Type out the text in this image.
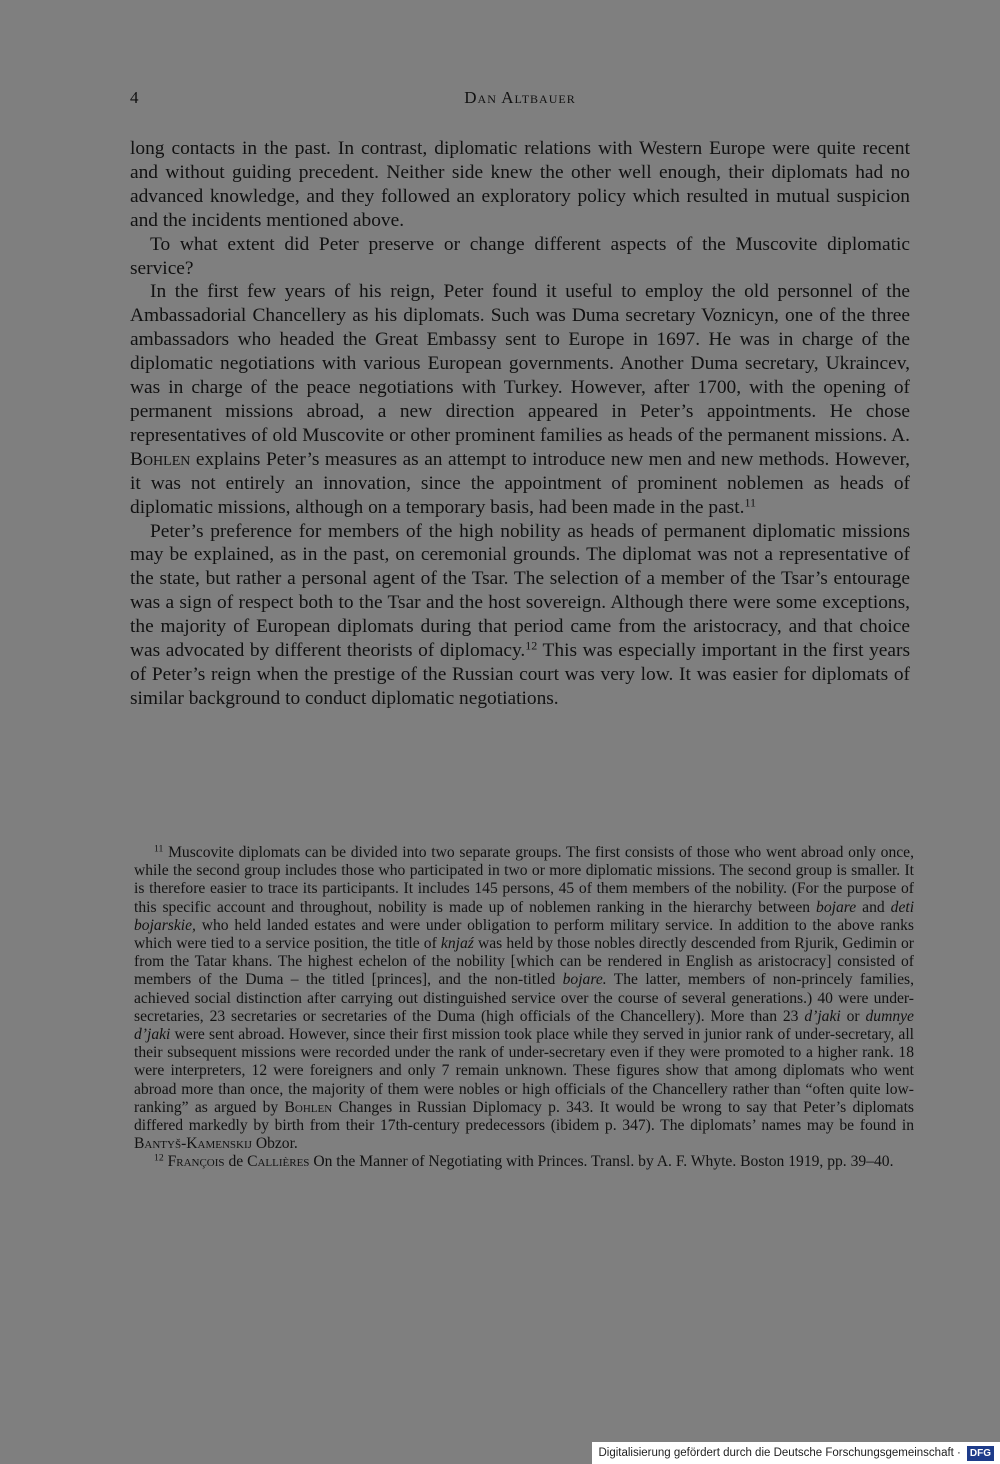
4	Dan Altbauer

long contacts in the past. In contrast, diplomatic relations with Western Europe were quite recent and without guiding precedent. Neither side knew the other well enough, their diplomats had no advanced knowledge, and they followed an exploratory policy which resulted in mutual suspicion and the incidents mentioned above.

To what extent did Peter preserve or change different aspects of the Muscovite diplomatic service?

In the first few years of his reign, Peter found it useful to employ the old personnel of the Ambassadorial Chancellery as his diplomats. Such was Duma secretary Voznicyn, one of the three ambassadors who headed the Great Embassy sent to Europe in 1697. He was in charge of the diplomatic negotiations with various European governments. Another Duma secretary, Ukraincev, was in charge of the peace negotiations with Turkey. However, after 1700, with the opening of permanent missions abroad, a new direction appeared in Peter’s appointments. He chose representatives of old Muscovite or other prominent families as heads of the permanent missions. A. Bohlen explains Peter’s measures as an attempt to introduce new men and new methods. However, it was not entirely an innovation, since the appointment of prominent noblemen as heads of diplomatic missions, although on a temporary basis, had been made in the past.$^{11}$

Peter’s preference for members of the high nobility as heads of permanent diplomatic missions may be explained, as in the past, on ceremonial grounds. The diplomat was not a representative of the state, but rather a personal agent of the Tsar. The selection of a member of the Tsar’s entourage was a sign of respect both to the Tsar and the host sovereign. Although there were some exceptions, the majority of European diplomats during that period came from the aristocracy, and that choice was advocated by different theorists of diplomacy.$^{12}$ This was especially important in the first years of Peter’s reign when the prestige of the Russian court was very low. It was easier for diplomats of similar background to conduct diplomatic negotiations.

$^{11}$ Muscovite diplomats can be divided into two separate groups. The first consists of those who went abroad only once, while the second group includes those who participated in two or more diplomatic missions. The second group is smaller. It is therefore easier to trace its participants. It includes 145 persons, 45 of them members of the nobility. (For the purpose of this specific account and throughout, nobility is made up of noblemen ranking in the hierarchy between bojare and deti bojarskie, who held landed estates and were under obligation to perform military service. In addition to the above ranks which were tied to a service position, the title of knjaź was held by those nobles directly descended from Rjurik, Gedimin or from the Tatar khans. The highest echelon of the nobility [which can be rendered in English as aristocracy] consisted of members of the Duma – the titled [princes], and the non-titled bojare. The latter, members of non-princely families, achieved social distinction after carrying out distinguished service over the course of several generations.) 40 were under-secretaries, 23 secretaries or secretaries of the Duma (high officials of the Chancellery). More than 23 d’jaki or dumnye d’jaki were sent abroad. However, since their first mission took place while they served in junior rank of under-secretary, all their subsequent missions were recorded under the rank of under-secretary even if they were promoted to a higher rank. 18 were interpreters, 12 were foreigners and only 7 remain unknown. These figures show that among diplomats who went abroad more than once, the majority of them were nobles or high officials of the Chancellery rather than “often quite low-ranking” as argued by Bohlen Changes in Russian Diplomacy p. 343. It would be wrong to say that Peter’s diplomats differed markedly by birth from their 17th-century predecessors (ibidem p. 347). The diplomats’ names may be found in Bantyš-Kamenskij Obzor.

$^{12}$ François de Callières On the Manner of Negotiating with Princes. Transl. by A. F. Whyte. Boston 1919, pp. 39–40.

Digitalisierung gefördert durch die Deutsche Forschungsgemeinschaft · DFG
